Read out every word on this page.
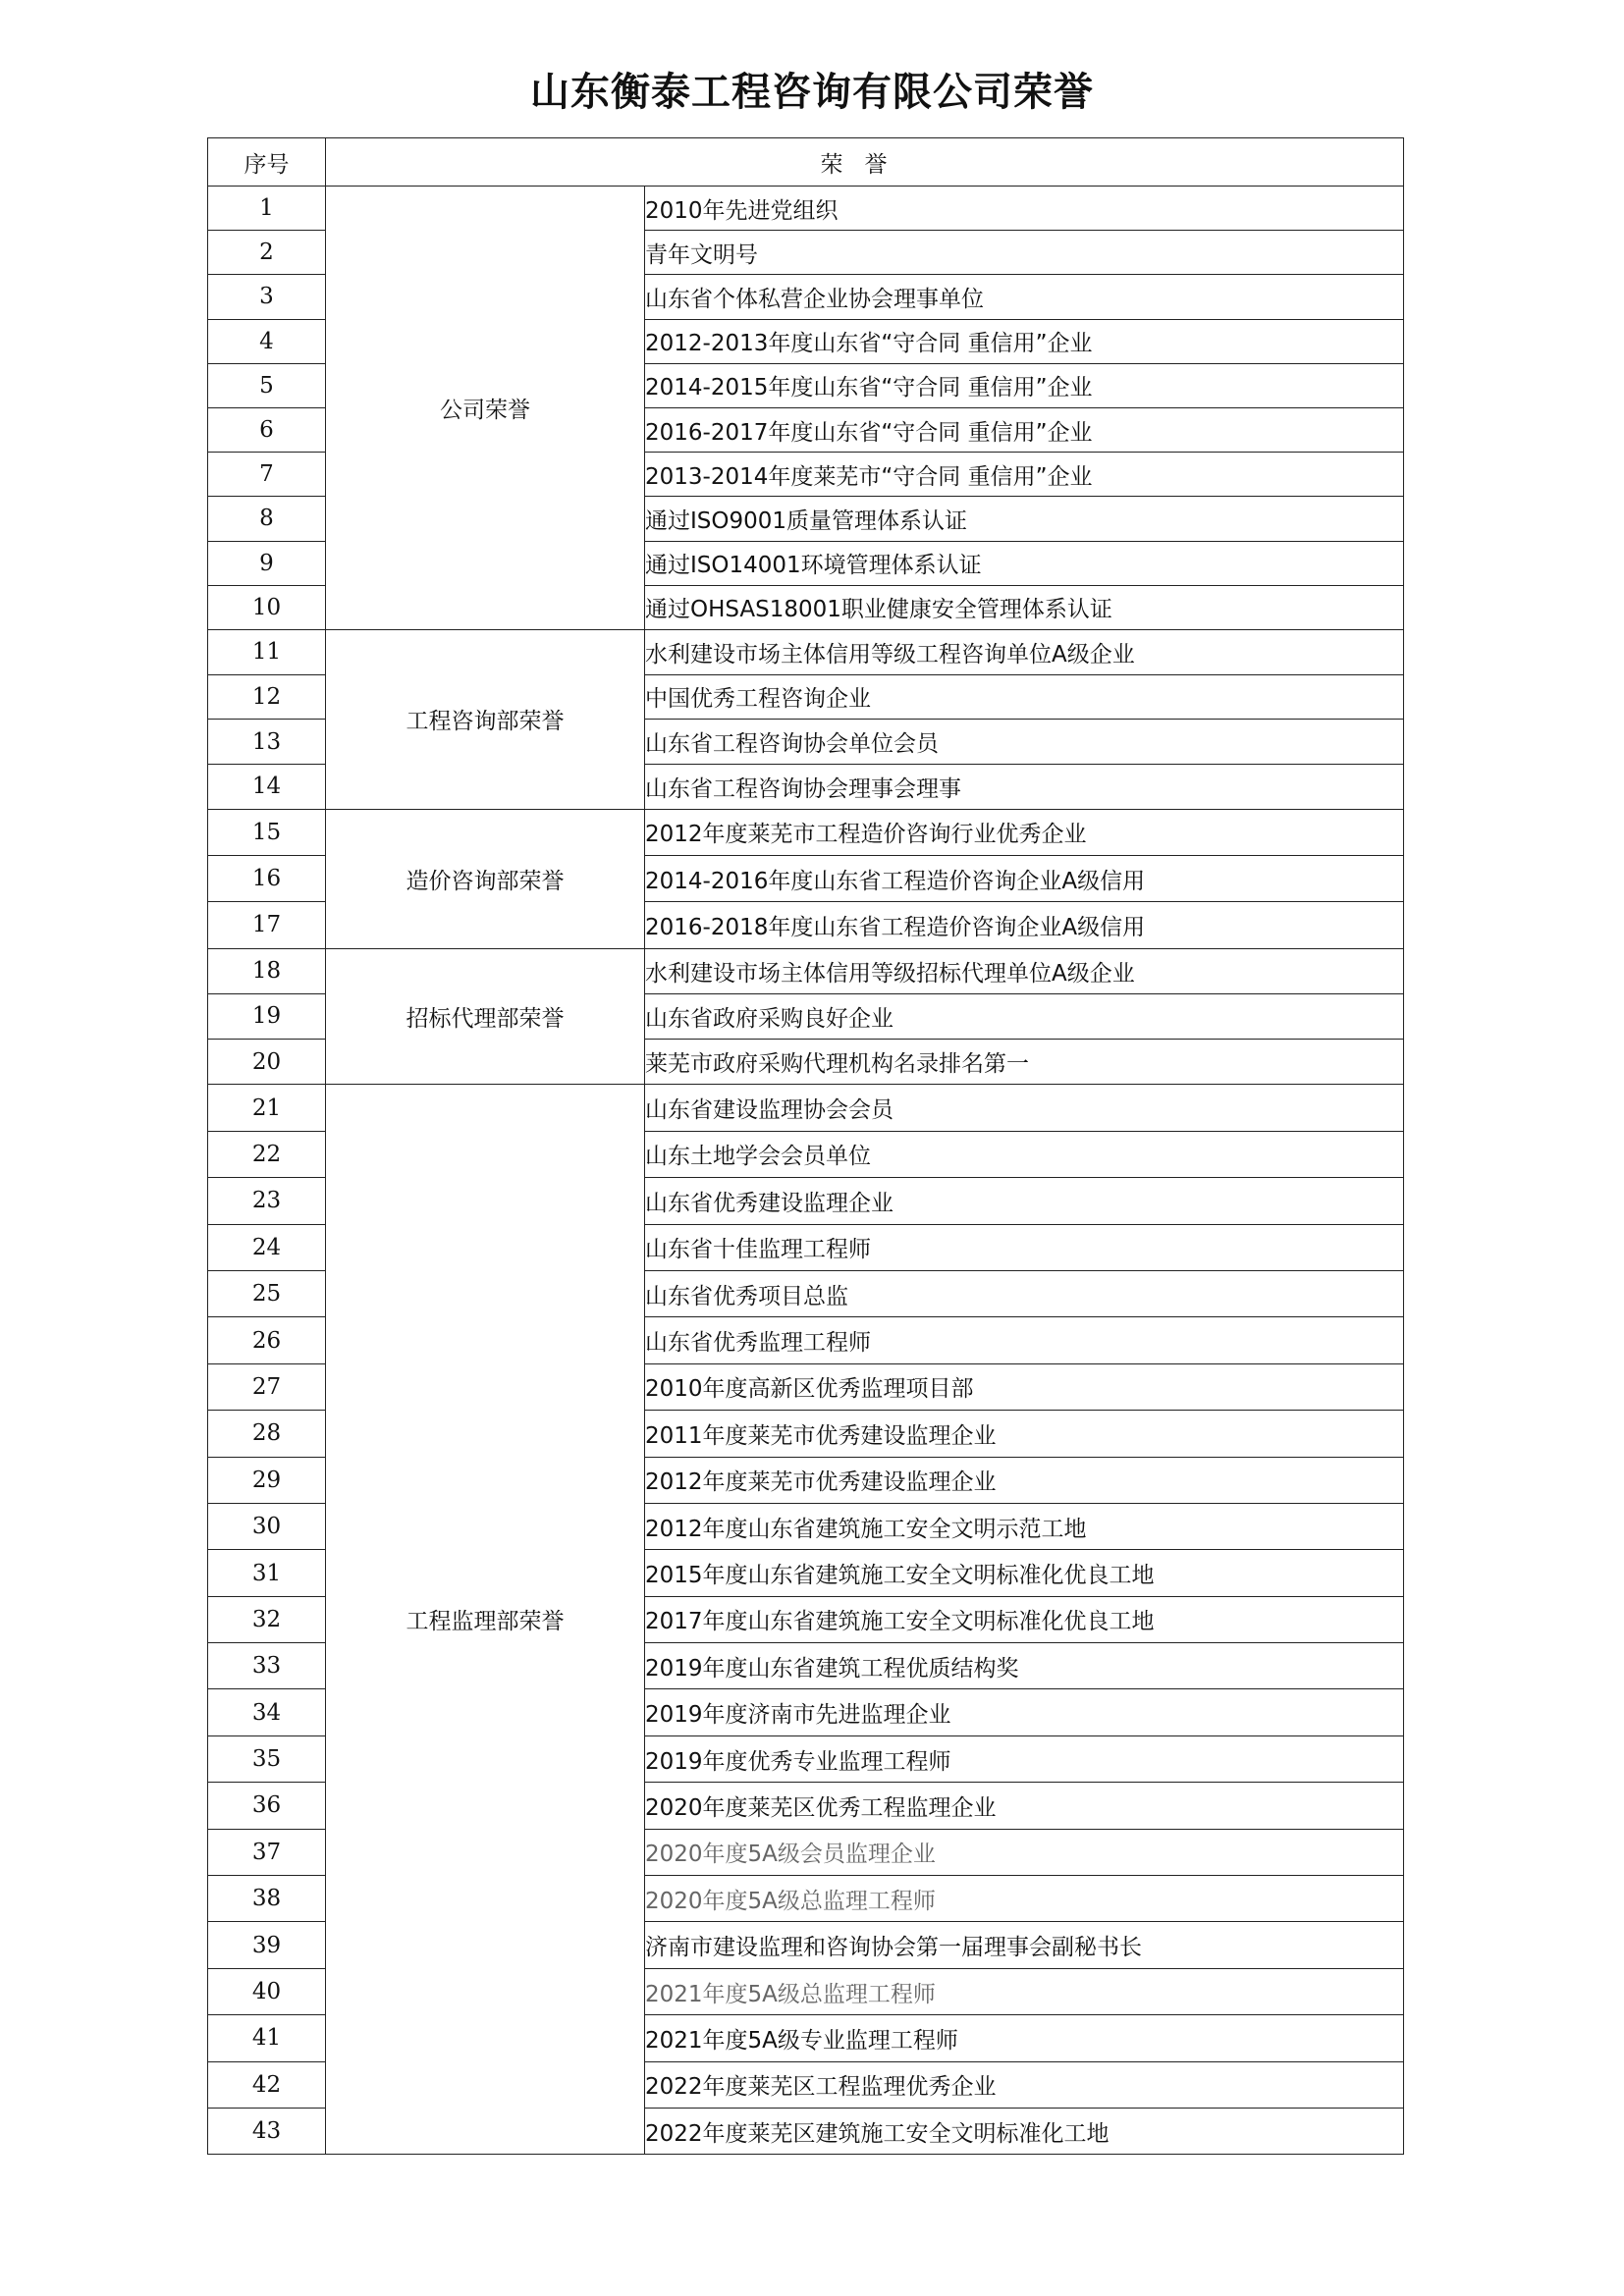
山东衡泰工程咨询有限公司荣誉
序号	荣誉	
1	公司荣誉	2010年先进党组织
2		青年文明号
3		山东省个体私营企业协会理事单位
4		2012-2013年度山东省“守合同 重信用”企业
5		2014-2015年度山东省“守合同 重信用”企业
6		2016-2017年度山东省“守合同 重信用”企业
7		2013-2014年度莱芜市“守合同 重信用”企业
8		通过ISO9001质量管理体系认证
9		通过ISO14001环境管理体系认证
10		通过OHSAS18001职业健康安全管理体系认证
11	工程咨询部荣誉	水利建设市场主体信用等级工程咨询单位A级企业
12		中国优秀工程咨询企业
13		山东省工程咨询协会单位会员
14		山东省工程咨询协会理事会理事
15	造价咨询部荣誉	2012年度莱芜市工程造价咨询行业优秀企业
16		2014-2016年度山东省工程造价咨询企业A级信用
17		2016-2018年度山东省工程造价咨询企业A级信用
18	招标代理部荣誉	水利建设市场主体信用等级招标代理单位A级企业
19		山东省政府采购良好企业
20		莱芜市政府采购代理机构名录排名第一
21	工程监理部荣誉	山东省建设监理协会会员
22		山东土地学会会员单位
23		山东省优秀建设监理企业
24		山东省十佳监理工程师
25		山东省优秀项目总监
26		山东省优秀监理工程师
27		2010年度高新区优秀监理项目部
28		2011年度莱芜市优秀建设监理企业
29		2012年度莱芜市优秀建设监理企业
30		2012年度山东省建筑施工安全文明示范工地
31		2015年度山东省建筑施工安全文明标准化优良工地
32		2017年度山东省建筑施工安全文明标准化优良工地
33		2019年度山东省建筑工程优质结构奖
34		2019年度济南市先进监理企业
35		2019年度优秀专业监理工程师
36		2020年度莱芜区优秀工程监理企业
37		2020年度5A级会员监理企业
38		2020年度5A级总监理工程师
39		济南市建设监理和咨询协会第一届理事会副秘书长
40		2021年度5A级总监理工程师
41		2021年度5A级专业监理工程师
42		2022年度莱芜区工程监理优秀企业
43		2022年度莱芜区建筑施工安全文明标准化工地
